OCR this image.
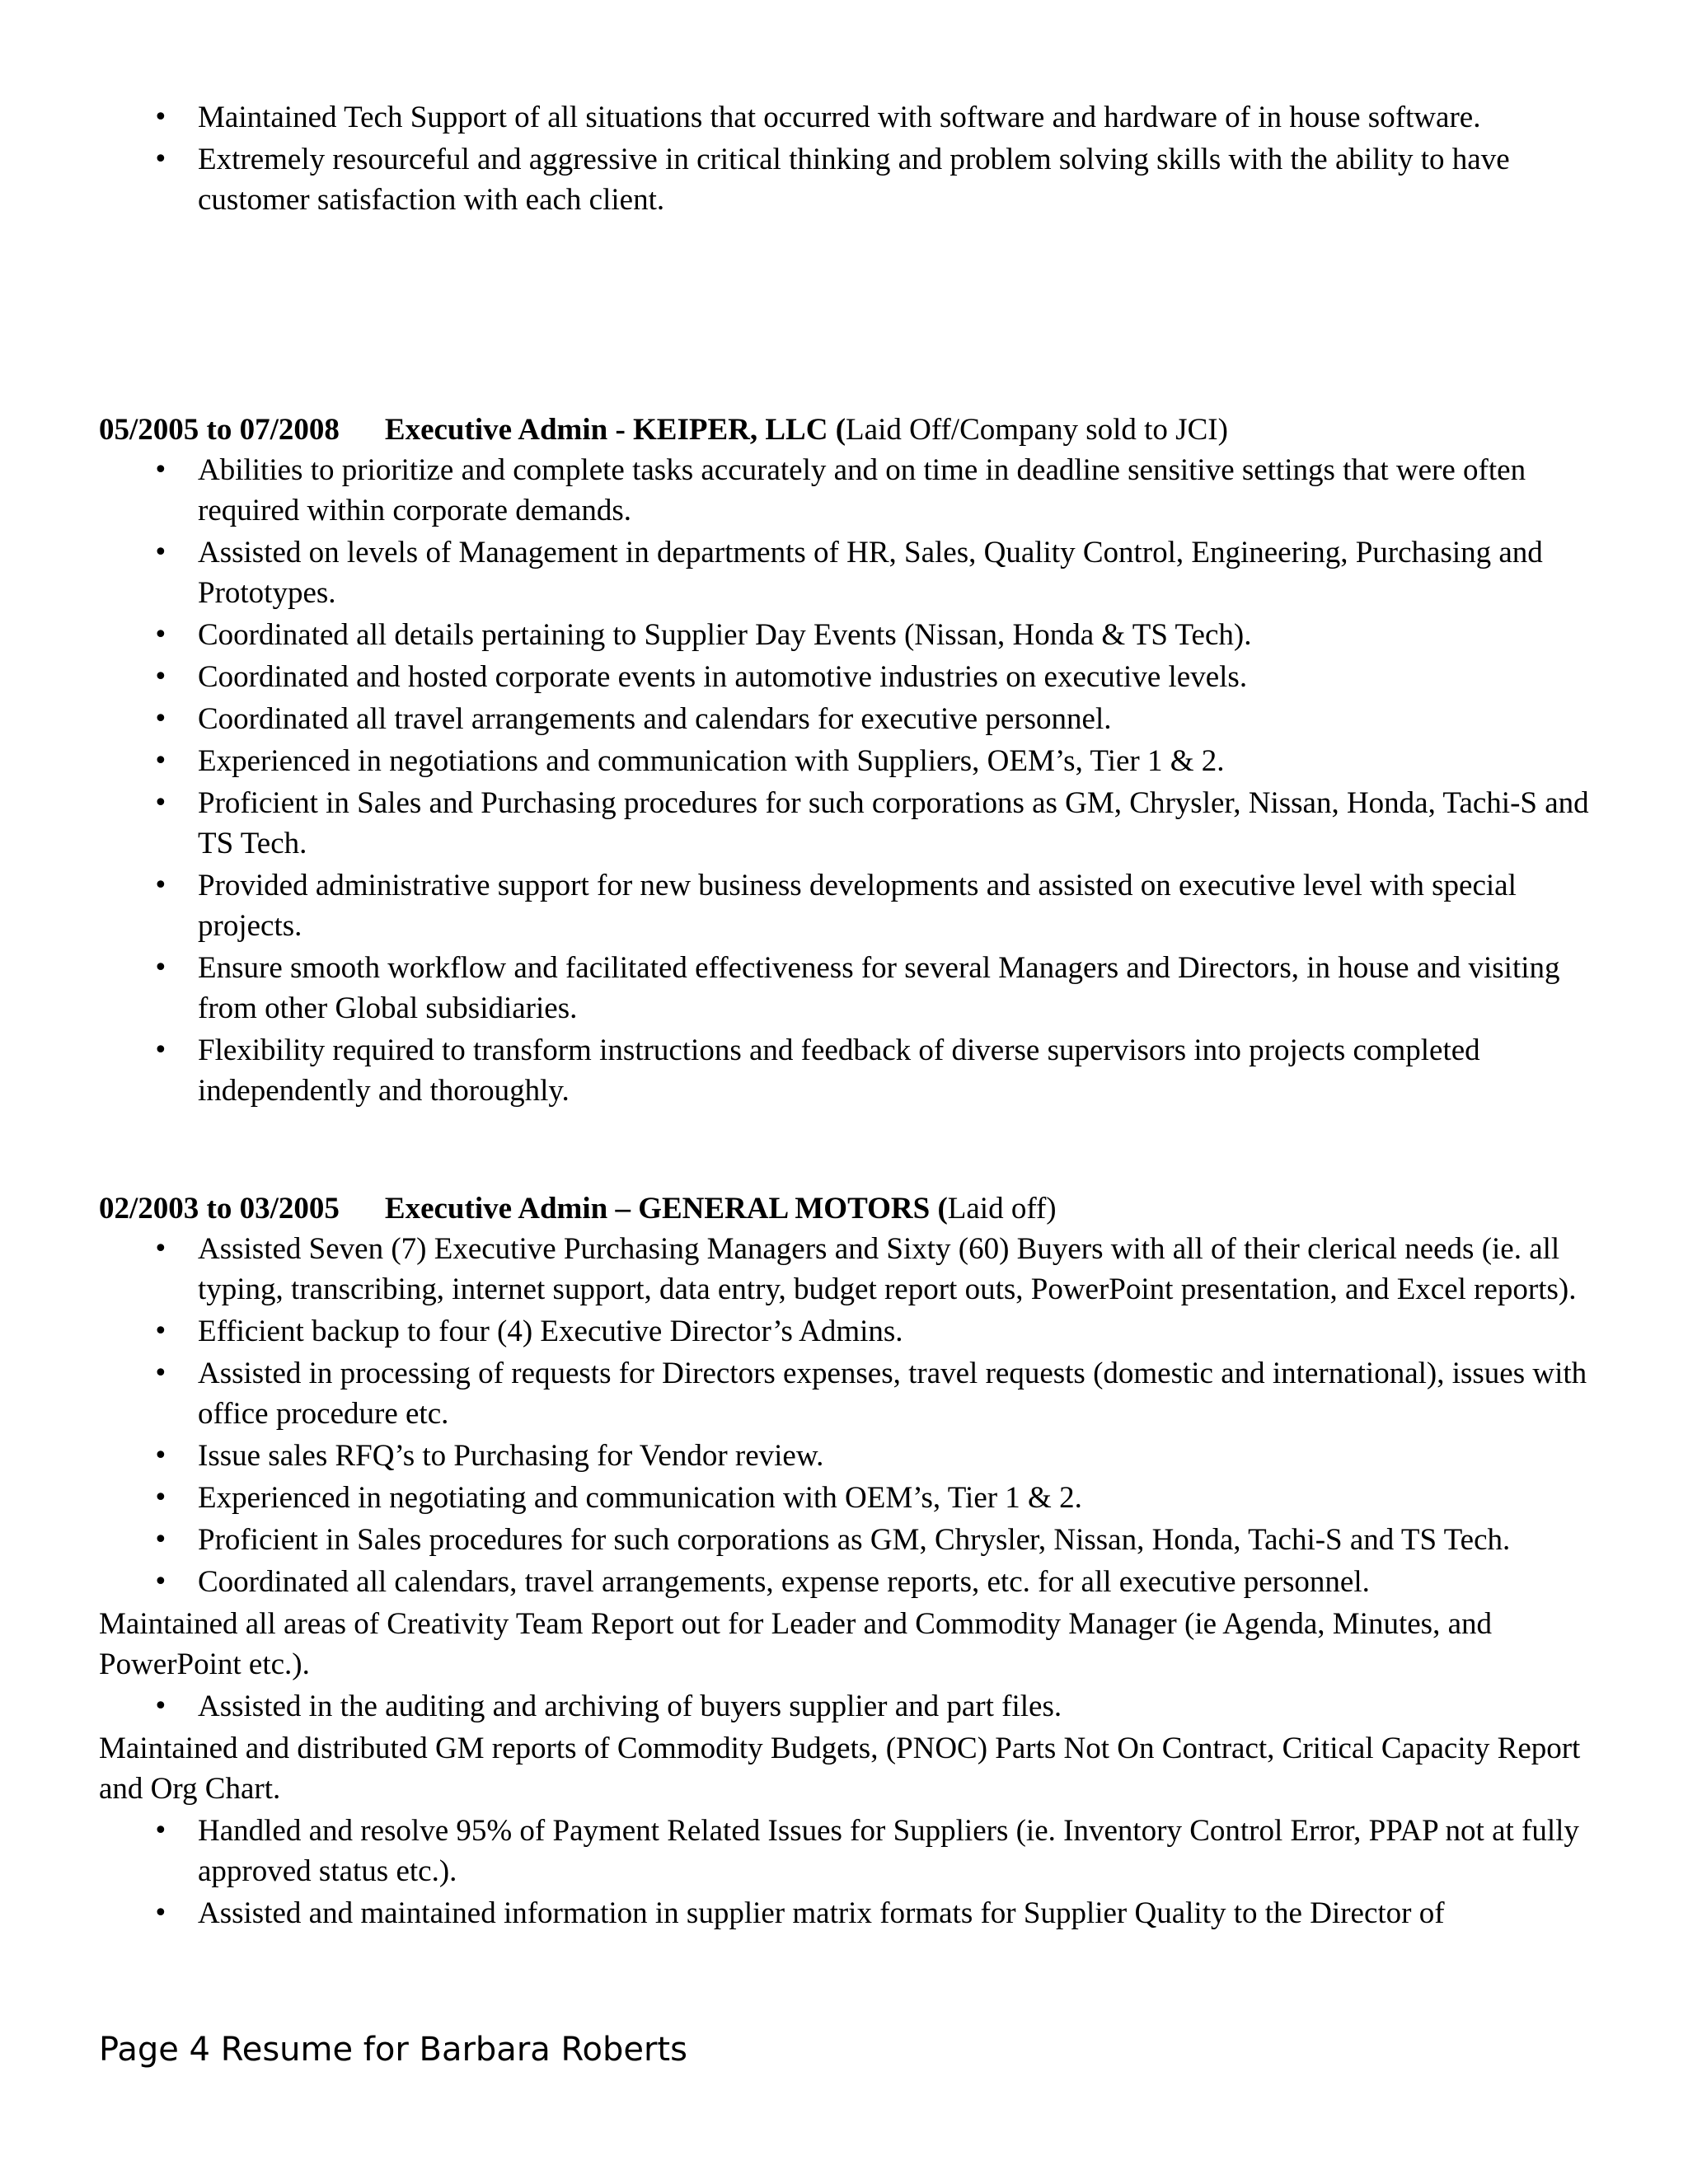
• Maintained Tech Support of all situations that occurred with software and hardware of in house software.
• Extremely resourceful and aggressive in critical thinking and problem solving skills with the ability to have customer satisfaction with each client.

05/2005 to 07/2008 Executive Admin - KEIPER, LLC (Laid Off/Company sold to JCI)

• Abilities to prioritize and complete tasks accurately and on time in deadline sensitive settings that were often required within corporate demands.
• Assisted on levels of Management in departments of HR, Sales, Quality Control, Engineering, Purchasing and Prototypes.
• Coordinated all details pertaining to Supplier Day Events (Nissan, Honda & TS Tech).
• Coordinated and hosted corporate events in automotive industries on executive levels.
• Coordinated all travel arrangements and calendars for executive personnel.
• Experienced in negotiations and communication with Suppliers, OEM’s, Tier 1 & 2.
• Proficient in Sales and Purchasing procedures for such corporations as GM, Chrysler, Nissan, Honda, Tachi-S and TS Tech.
• Provided administrative support for new business developments and assisted on executive level with special projects.
• Ensure smooth workflow and facilitated effectiveness for several Managers and Directors, in house and visiting from other Global subsidiaries.
• Flexibility required to transform instructions and feedback of diverse supervisors into projects completed independently and thoroughly.

02/2003 to 03/2005 Executive Admin – GENERAL MOTORS (Laid off)

• Assisted Seven (7) Executive Purchasing Managers and Sixty (60) Buyers with all of their clerical needs (ie. all typing, transcribing, internet support, data entry, budget report outs, PowerPoint presentation, and Excel reports).
• Efficient backup to four (4) Executive Director’s Admins.
• Assisted in processing of requests for Directors expenses, travel requests (domestic and international), issues with office procedure etc.
• Issue sales RFQ’s to Purchasing for Vendor review.
• Experienced in negotiating and communication with OEM’s, Tier 1 & 2.
• Proficient in Sales procedures for such corporations as GM, Chrysler, Nissan, Honda, Tachi-S and TS Tech.
• Coordinated all calendars, travel arrangements, expense reports, etc. for all executive personnel.

Maintained all areas of Creativity Team Report out for Leader and Commodity Manager (ie Agenda, Minutes, and PowerPoint etc.).

• Assisted in the auditing and archiving of buyers supplier and part files.

Maintained and distributed GM reports of Commodity Budgets, (PNOC) Parts Not On Contract, Critical Capacity Report and Org Chart.

• Handled and resolve 95% of Payment Related Issues for Suppliers (ie. Inventory Control Error, PPAP not at fully approved status etc.).
• Assisted and maintained information in supplier matrix formats for Supplier Quality to the Director of
Page 4 Resume for Barbara Roberts
